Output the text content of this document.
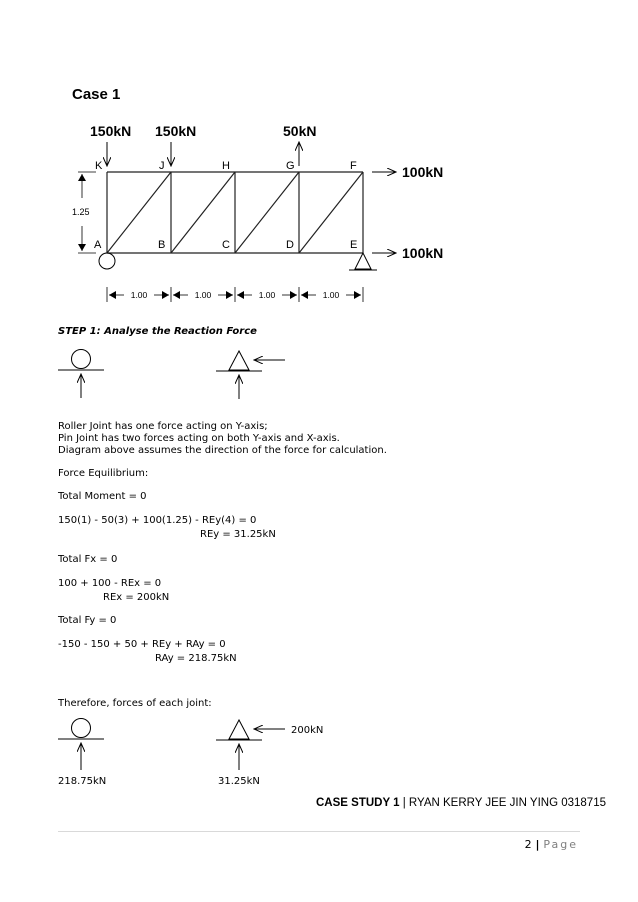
Case 1
150kN 150kN	50kN
100kN
100kN
K	J	H	G	F
A	B	C	D	E
1.25
1.00	1.00	1.00	1.00
STEP 1: Analyse the Reaction Force
Roller Joint has one force acting on Y-axis;
Pin Joint has two forces acting on both Y-axis and X-axis.
Diagram above assumes the direction of the force for calculation.
Force Equilibrium:
Total Moment = 0
150(1) - 50(3) + 100(1.25) - REy(4) = 0
REy = 31.25kN
Total Fx = 0
100 + 100 - REx = 0
REx = 200kN
Total Fy = 0
-150 - 150 + 50 + REy + RAy = 0
RAy = 218.75kN
Therefore, forces of each joint:
200kN
218.75kN	31.25kN
CASE STUDY 1 | RYAN KERRY JEE JIN YING 0318715
2 | Page
